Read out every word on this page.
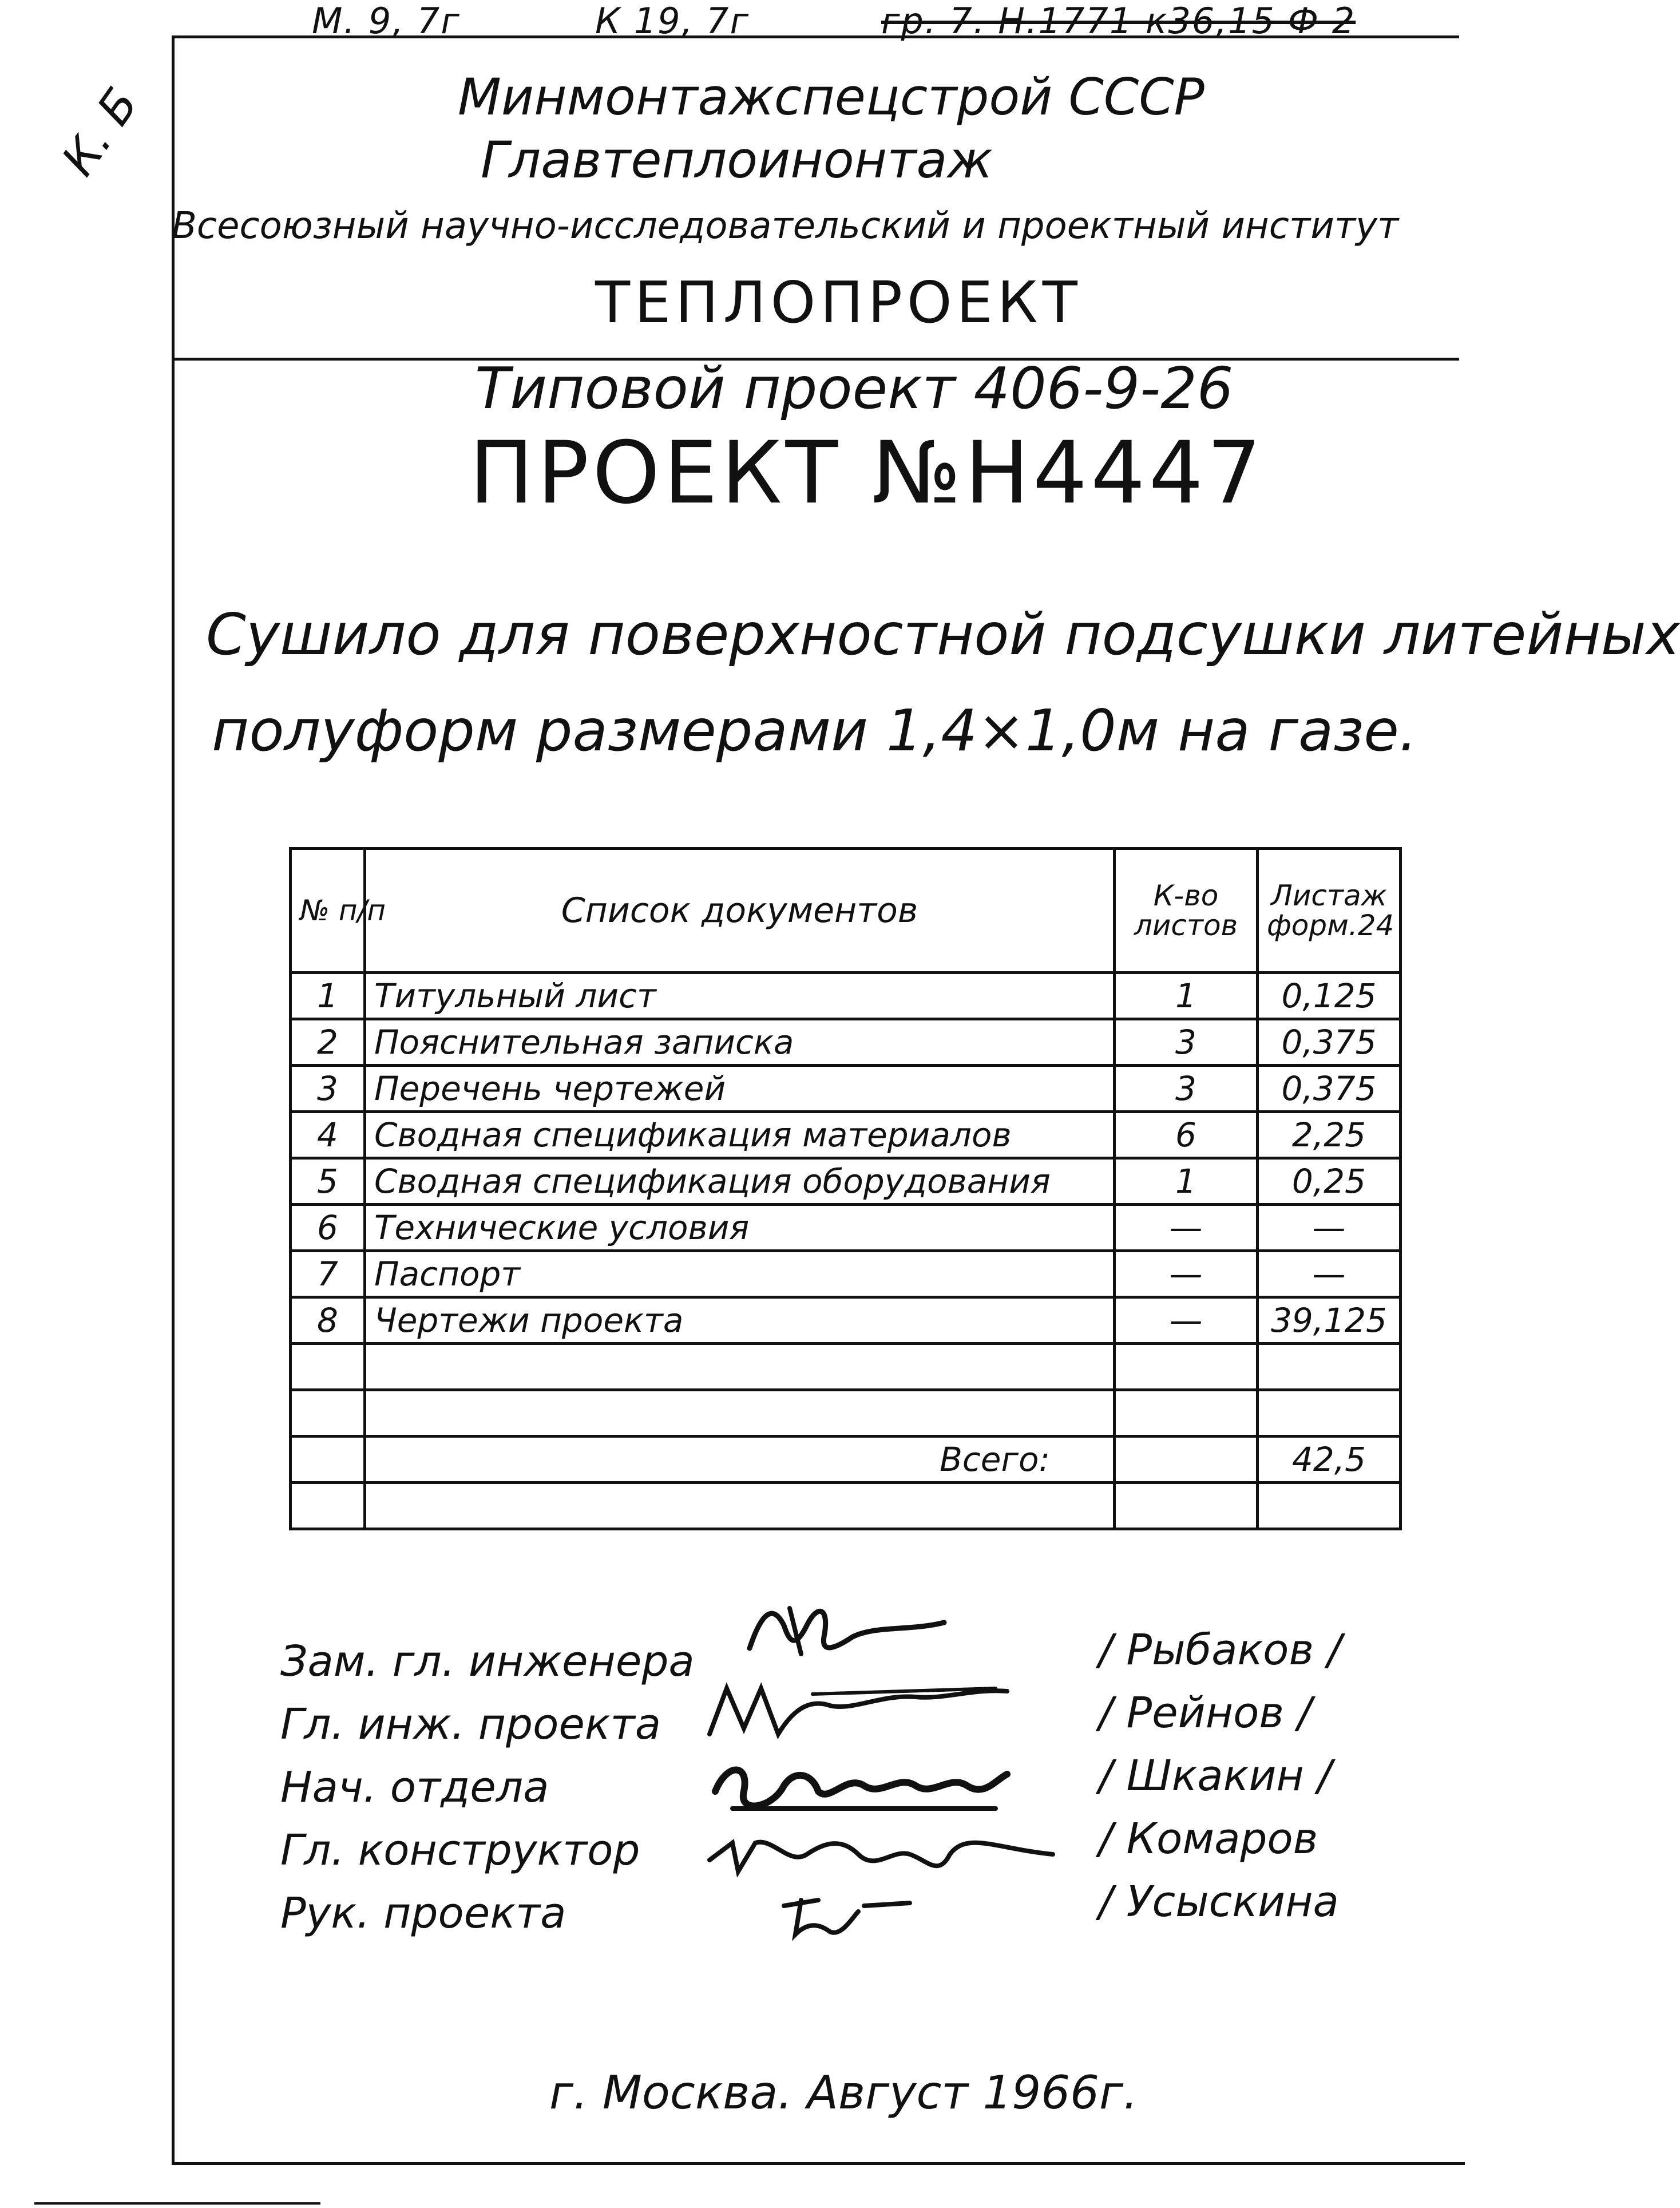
М. 9, 7г	К 19, 7г	гр. 7. Н.1771 к36,15 Ф 2
К. Б	Минмонтажспецстрой СССР
Главтеплоинонтаж
Всесоюзный научно-исследовательский и проектный институт
ТЕПЛОПРОЕКТ
Типовой проект 406-9-26
ПРОЕКТ №Н4447
Сушило для поверхностной подсушки литейных
полуформ размерами 1,4×1,0м на газе.
№ п/п	Список документов	К-во листов	Листаж форм.24
1	Титульный лист	1	0,125
2	Пояснительная записка	3	0,375
3	Перечень чертежей	3	0,375
4	Сводная спецификация материалов	6	2,25
5	Сводная спецификация оборудования	1	0,25
6	Технические условия	—	—
7	Паспорт	—	—
8	Чертежи проекта	—	39,125

	Всего:		42,5

Зам. гл. инженера
Гл. инж. проекта
Нач. отдела
Гл. конструктор
Рук. проекта
/ Рыбаков /
/ Рейнов /
/ Шкакин /
/ Комаров
/ Усыскина
г. Москва. Август 1966г.
